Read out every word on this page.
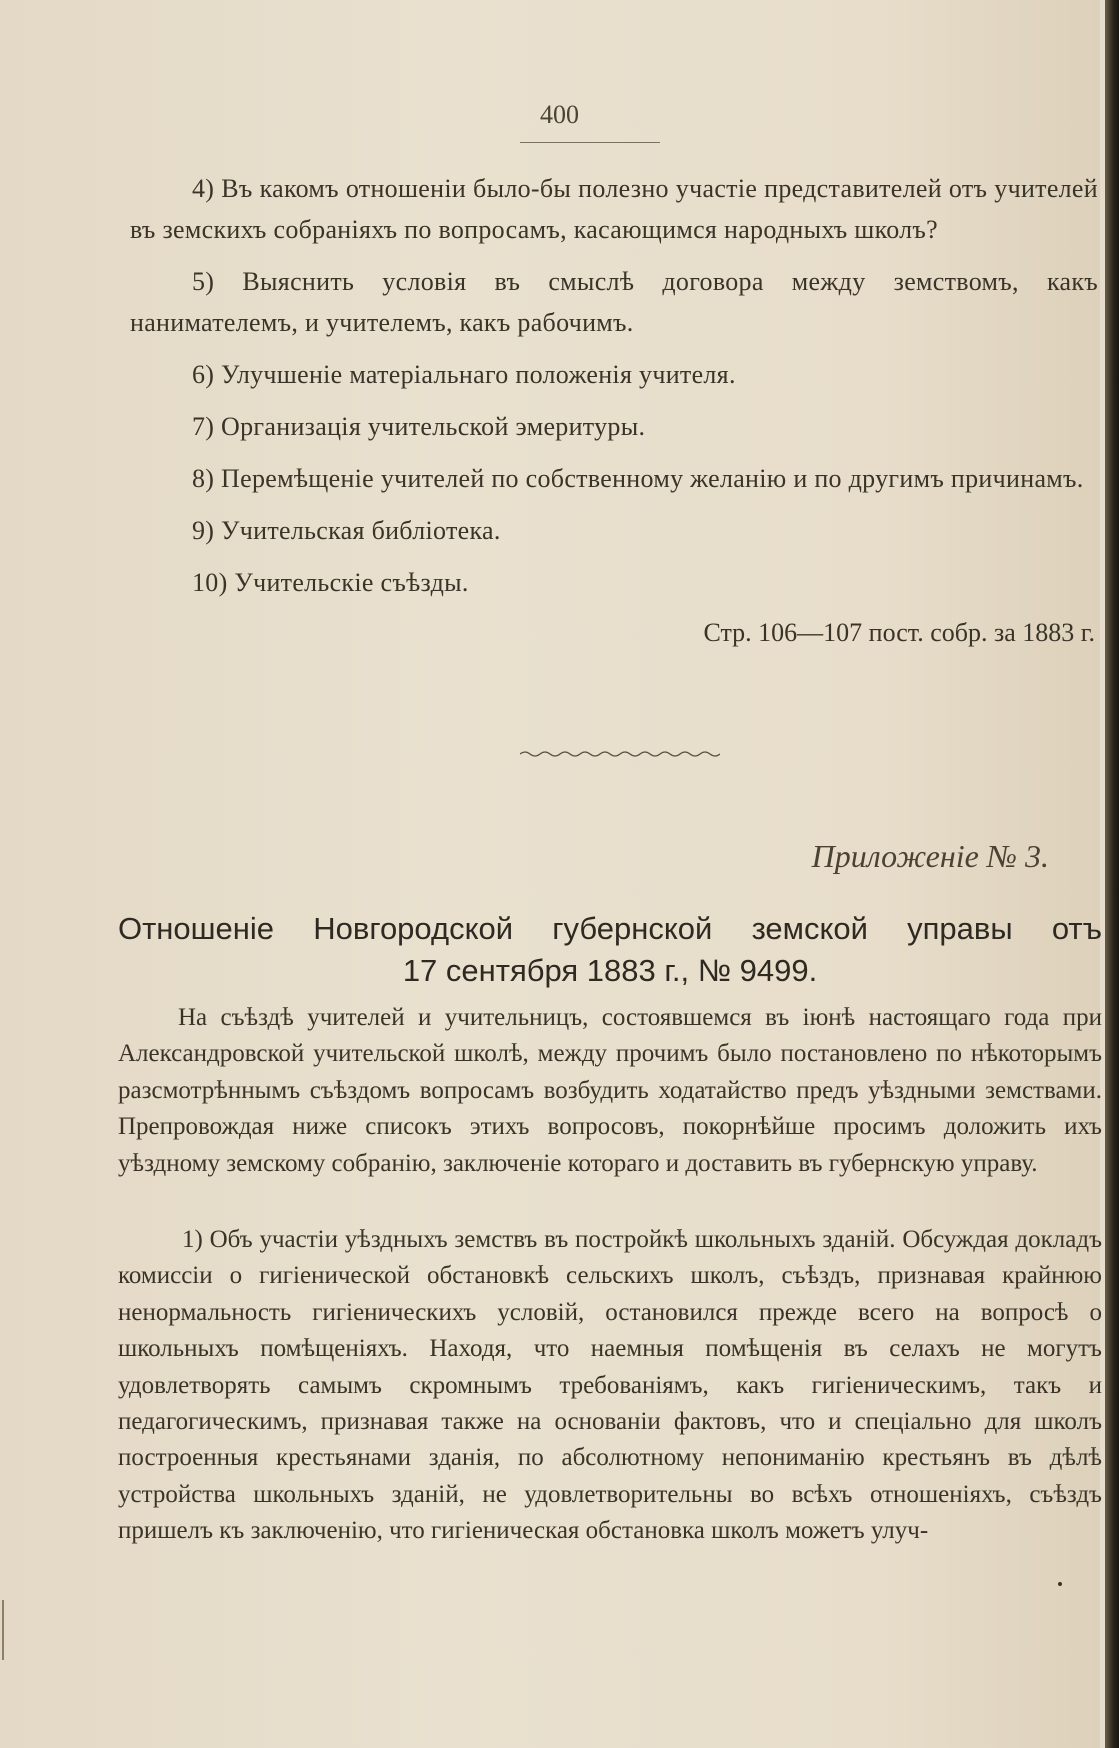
400

4) Въ какомъ отношеніи было-бы полезно участіе представителей отъ учителей въ земскихъ собраніяхъ по вопросамъ, касающимся народныхъ школъ?

5) Выяснить условія въ смыслѣ договора между земствомъ, какъ нанимателемъ, и учителемъ, какъ рабочимъ.

6) Улучшеніе матеріальнаго положенія учителя.

7) Организація учительской эмеритуры.

8) Перемѣщеніе учителей по собственному желанію и по другимъ причинамъ.

9) Учительская библіотека.

10) Учительскіе съѣзды.

Стр. 106—107 пост. собр. за 1883 г.
Приложеніе № 3.
Отношеніе Новгородской губернской земской управы отъ
17 сентября 1883 г., № 9499.
На съѣздѣ учителей и учительницъ, состоявшемся въ іюнѣ настоящаго года при Александровской учительской школѣ, между прочимъ было постановлено по нѣкоторымъ разсмотрѣннымъ съѣздомъ вопросамъ возбудить ходатайство предъ уѣздными земствами. Препровождая ниже списокъ этихъ вопросовъ, покорнѣйше просимъ доложить ихъ уѣздному земскому собранію, заключеніе котораго и доставить въ губернскую управу.
1) Объ участіи уѣздныхъ земствъ въ постройкѣ школьныхъ зданій. Обсуждая докладъ комиссіи о гигіенической обстановкѣ сельскихъ школъ, съѣздъ, признавая крайнюю ненормальность гигіеническихъ условій, остановился прежде всего на вопросѣ о школьныхъ помѣщеніяхъ. Находя, что наемныя помѣщенія въ селахъ не могутъ удовлетворять самымъ скромнымъ требованіямъ, какъ гигіеническимъ, такъ и педагогическимъ, признавая также на основаніи фактовъ, что и спеціально для школъ построенныя крестьянами зданія, по абсолютному непониманію крестьянъ въ дѣлѣ устройства школьныхъ зданій, не удовлетворительны во всѣхъ отношеніяхъ, съѣздъ пришелъ къ заключенію, что гигіеническая обстановка школъ можетъ улуч-
